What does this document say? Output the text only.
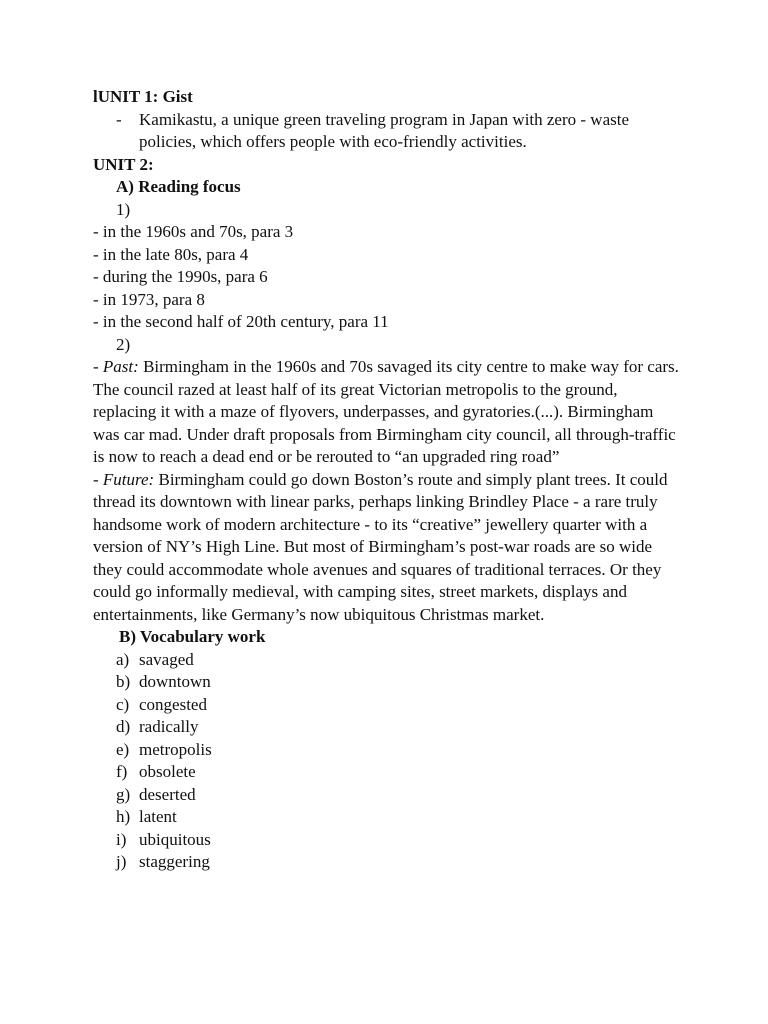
lUNIT 1: Gist
-	Kamikastu, a unique green traveling program in Japan with zero - waste policies, which offers people with eco-friendly activities.
UNIT 2:
A) Reading focus
1)
- in the 1960s and 70s, para 3
- in the late 80s, para 4
- during the 1990s, para 6
- in 1973, para 8
- in the second half of 20th century, para 11
2)
- Past: Birmingham in the 1960s and 70s savaged its city centre to make way for cars. The council razed at least half of its great Victorian metropolis to the ground, replacing it with a maze of flyovers, underpasses, and gyratories.(...). Birmingham was car mad. Under draft proposals from Birmingham city council, all through-traffic is now to reach a dead end or be rerouted to “an upgraded ring road”
- Future: Birmingham could go down Boston’s route and simply plant trees. It could thread its downtown with linear parks, perhaps linking Brindley Place - a rare truly handsome work of modern architecture - to its “creative” jewellery quarter with a version of NY’s High Line. But most of Birmingham’s post-war roads are so wide they could accommodate whole avenues and squares of traditional terraces. Or they could go informally medieval, with camping sites, street markets, displays and entertainments, like Germany’s now ubiquitous Christmas market.
B) Vocabulary work
a) savaged
b) downtown
c) congested
d) radically
e) metropolis
f) obsolete
g) deserted
h) latent
i) ubiquitous
j) staggering
